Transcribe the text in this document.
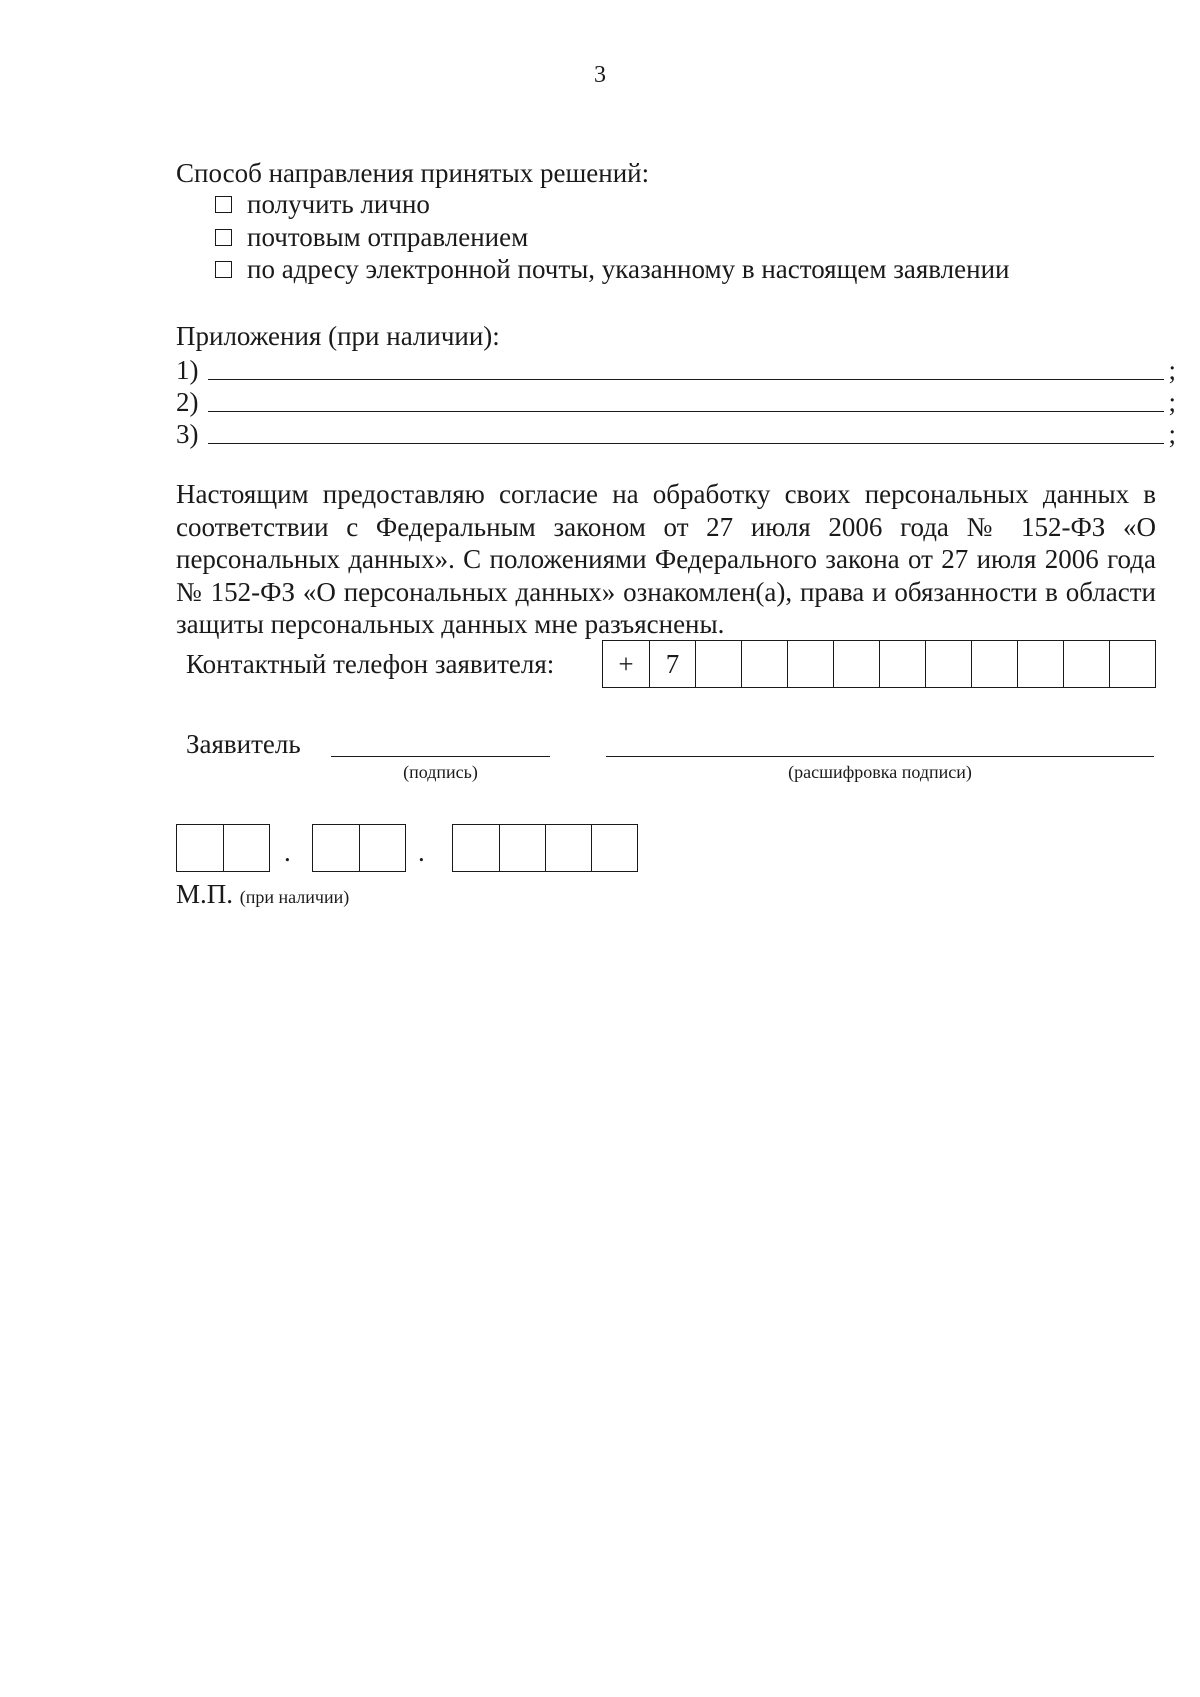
3
Способ направления принятых решений:
получить лично
почтовым отправлением
по адресу электронной почты, указанному в настоящем заявлении
Приложения (при наличии):
1)	;
2)	;
3)	;
Настоящим предоставляю согласие на обработку своих персональных данных в соответствии с Федеральным законом от 27 июля 2006 года № 152-ФЗ «О персональных данных». С положениями Федерального закона от 27 июля 2006 года № 152-ФЗ «О персональных данных» ознакомлен(а), права и обязанности в области защиты персональных данных мне разъяснены.
Контактный телефон заявителя:	+	7
Заявитель
(подпись)	(расшифровка подписи)
.	.
М.П. (при наличии)
